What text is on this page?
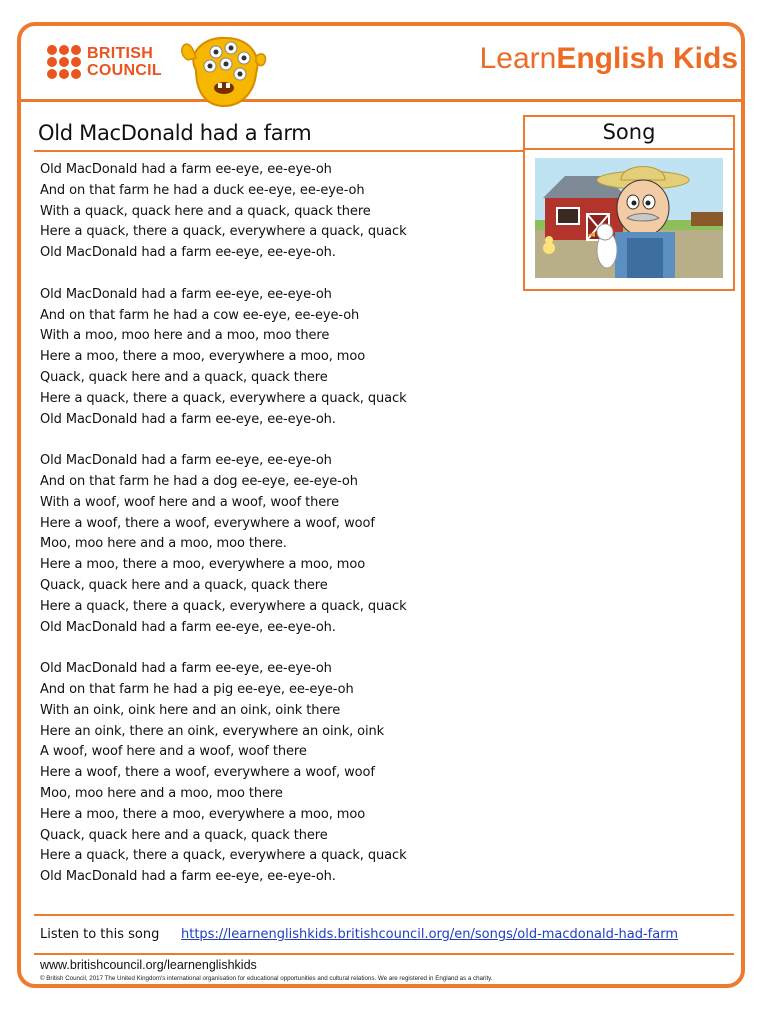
BRITISH
COUNCIL	LearnEnglish Kids
Old MacDonald had a farm	Song
Old MacDonald had a farm ee-eye, ee-eye-oh
And on that farm he had a duck ee-eye, ee-eye-oh
With a quack, quack here and a quack, quack there
Here a quack, there a quack, everywhere a quack, quack
Old MacDonald had a farm ee-eye, ee-eye-oh.
Old MacDonald had a farm ee-eye, ee-eye-oh
And on that farm he had a cow ee-eye, ee-eye-oh
With a moo, moo here and a moo, moo there
Here a moo, there a moo, everywhere a moo, moo
Quack, quack here and a quack, quack there
Here a quack, there a quack, everywhere a quack, quack
Old MacDonald had a farm ee-eye, ee-eye-oh.
Old MacDonald had a farm ee-eye, ee-eye-oh
And on that farm he had a dog ee-eye, ee-eye-oh
With a woof, woof here and a woof, woof there
Here a woof, there a woof, everywhere a woof, woof
Moo, moo here and a moo, moo there.
Here a moo, there a moo, everywhere a moo, moo
Quack, quack here and a quack, quack there
Here a quack, there a quack, everywhere a quack, quack
Old MacDonald had a farm ee-eye, ee-eye-oh.
Old MacDonald had a farm ee-eye, ee-eye-oh
And on that farm he had a pig ee-eye, ee-eye-oh
With an oink, oink here and an oink, oink there
Here an oink, there an oink, everywhere an oink, oink
A woof, woof here and a woof, woof there
Here a woof, there a woof, everywhere a woof, woof
Moo, moo here and a moo, moo there
Here a moo, there a moo, everywhere a moo, moo
Quack, quack here and a quack, quack there
Here a quack, there a quack, everywhere a quack, quack
Old MacDonald had a farm ee-eye, ee-eye-oh.
Listen to this song https://learnenglishkids.britishcouncil.org/en/songs/old-macdonald-had-farm
www.britishcouncil.org/learnenglishkids
© British Council, 2017 The United Kingdom's international organisation for educational opportunities and cultural relations. We are registered in England as a charity.
